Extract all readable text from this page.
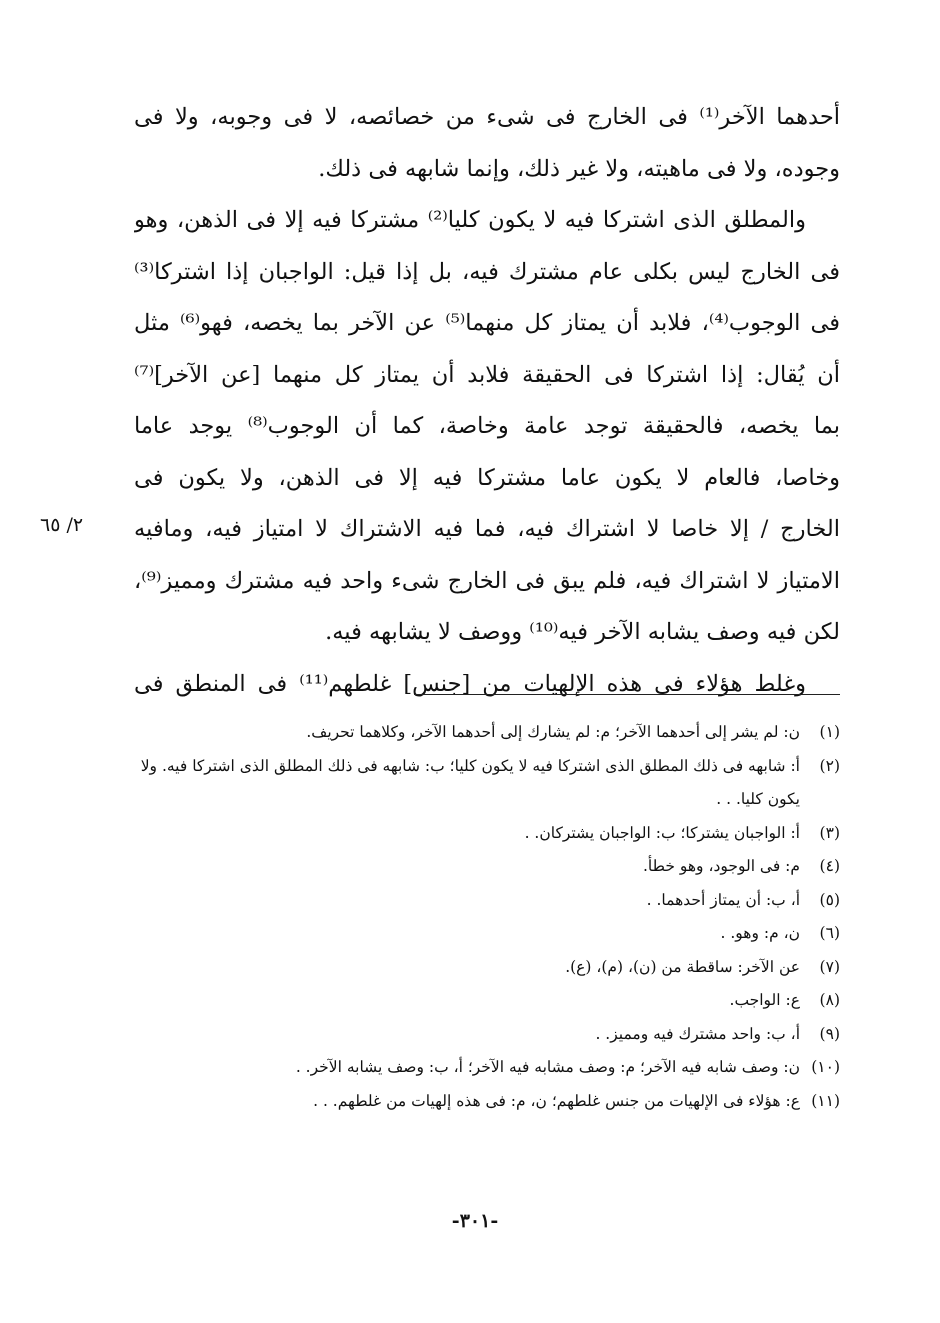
أحدهما الآخر⁽¹⁾ فى الخارج فى شىء من خصائصه، لا فى وجوبه، ولا فى
وجوده، ولا فى ماهيته، ولا غير ذلك، وإنما شابهه فى ذلك.
والمطلق الذى اشتركا فيه لا يكون كليا⁽²⁾ مشتركا فيه إلا فى الذهن، وهو
فى الخارج ليس بكلى عام مشترك فيه، بل إذا قيل: الواجبان إذا اشتركا⁽³⁾
فى الوجوب⁽⁴⁾، فلابد أن يمتاز كل منهما⁽⁵⁾ عن الآخر بما يخصه، فهو⁽⁶⁾ مثل
أن يُقال: إذا اشتركا فى الحقيقة فلابد أن يمتاز كل منهما [عن الآخر]⁽⁷⁾
بما يخصه، فالحقيقة توجد عامة وخاصة، كما أن الوجوب⁽⁸⁾ يوجد عاما
وخاصا، فالعام لا يكون عاما مشتركا فيه إلا فى الذهن، ولا يكون فى
الخارج / إلا خاصا لا اشتراك فيه، فما فيه الاشتراك لا امتياز فيه، ومافيه
الامتياز لا اشتراك فيه، فلم يبق فى الخارج شىء واحد فيه مشترك ومميز⁽⁹⁾،
لكن فيه وصف يشابه الآخر فيه⁽¹⁰⁾ ووصف لا يشابهه فيه.
وغلط هؤلاء فى هذه الإلهيات من [جنس] غلطهم⁽¹¹⁾ فى المنطق فى
٢/ ٦٥
(١)
ن: لم يشر إلى أحدهما الآخر؛ م: لم يشارك إلى أحدهما الآخر، وكلاهما تحريف.
(٢)
أ: شابهه فى ذلك المطلق الذى اشتركا فيه لا يكون كليا؛ ب: شابهه فى ذلك المطلق الذى اشتركا فيه. ولا يكون كليا. . .
(٣)
أ: الواجبان يشتركا؛ ب: الواجبان يشتركان. .
(٤)
م: فى الوجود، وهو خطأ.
(٥)
أ، ب: أن يمتاز أحدهما. .
(٦)
ن، م: وهو. .
(٧)
عن الآخر: ساقطة من (ن)، (م)، (ع).
(٨)
ع: الواجب.
(٩)
أ، ب: واحد مشترك فيه ومميز. .
(١٠)
ن: وصف شابه فيه الآخر؛ م: وصف مشابه فيه الآخر؛ أ، ب: وصف يشابه الآخر. .
(١١)
ع: هؤلاء فى الإلهيات من جنس غلطهم؛ ن، م: فى هذه إلهيات من غلطهم. . .
-٣٠١-
